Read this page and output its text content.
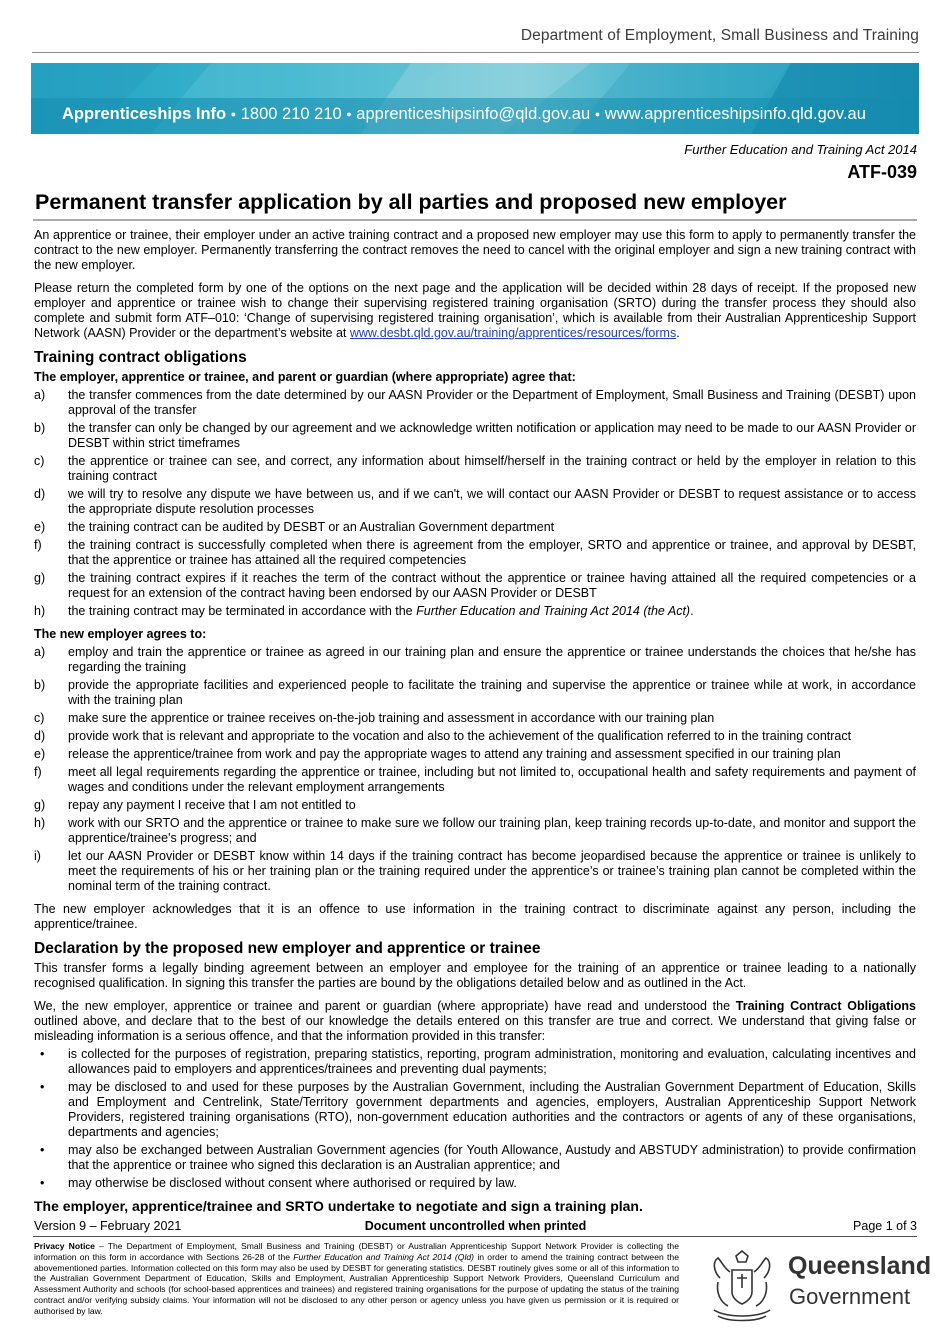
Department of Employment, Small Business and Training
Apprenticeships Info ● 1800 210 210 ● apprenticeshipsinfo@qld.gov.au ● www.apprenticeshipsinfo.qld.gov.au
Further Education and Training Act 2014
ATF-039
Permanent transfer application by all parties and proposed new employer

An apprentice or trainee, their employer under an active training contract and a proposed new employer may use this form to apply to permanently transfer the contract to the new employer. Permanently transferring the contract removes the need to cancel with the original employer and sign a new training contract with the new employer.

Please return the completed form by one of the options on the next page and the application will be decided within 28 days of receipt. If the proposed new employer and apprentice or trainee wish to change their supervising registered training organisation (SRTO) during the transfer process they should also complete and submit form ATF–010: ‘Change of supervising registered training organisation’, which is available from their Australian Apprenticeship Support Network (AASN) Provider or the department’s website at www.desbt.qld.gov.au/training/apprentices/resources/forms.

Training contract obligations
The employer, apprentice or trainee, and parent or guardian (where appropriate) agree that:
a) the transfer commences from the date determined by our AASN Provider or the Department of Employment, Small Business and Training (DESBT) upon approval of the transfer
b) the transfer can only be changed by our agreement and we acknowledge written notification or application may need to be made to our AASN Provider or DESBT within strict timeframes
c) the apprentice or trainee can see, and correct, any information about himself/herself in the training contract or held by the employer in relation to this training contract
d) we will try to resolve any dispute we have between us, and if we can't, we will contact our AASN Provider or DESBT to request assistance or to access the appropriate dispute resolution processes
e) the training contract can be audited by DESBT or an Australian Government department
f) the training contract is successfully completed when there is agreement from the employer, SRTO and apprentice or trainee, and approval by DESBT, that the apprentice or trainee has attained all the required competencies
g) the training contract expires if it reaches the term of the contract without the apprentice or trainee having attained all the required competencies or a request for an extension of the contract having been endorsed by our AASN Provider or DESBT
h) the training contract may be terminated in accordance with the Further Education and Training Act 2014 (the Act).
The new employer agrees to:
a) employ and train the apprentice or trainee as agreed in our training plan and ensure the apprentice or trainee understands the choices that he/she has regarding the training
b) provide the appropriate facilities and experienced people to facilitate the training and supervise the apprentice or trainee while at work, in accordance with the training plan
c) make sure the apprentice or trainee receives on-the-job training and assessment in accordance with our training plan
d) provide work that is relevant and appropriate to the vocation and also to the achievement of the qualification referred to in the training contract
e) release the apprentice/trainee from work and pay the appropriate wages to attend any training and assessment specified in our training plan
f) meet all legal requirements regarding the apprentice or trainee, including but not limited to, occupational health and safety requirements and payment of wages and conditions under the relevant employment arrangements
g) repay any payment I receive that I am not entitled to
h) work with our SRTO and the apprentice or trainee to make sure we follow our training plan, keep training records up-to-date, and monitor and support the apprentice/trainee's progress; and
i) let our AASN Provider or DESBT know within 14 days if the training contract has become jeopardised because the apprentice or trainee is unlikely to meet the requirements of his or her training plan or the training required under the apprentice’s or trainee’s training plan cannot be completed within the nominal term of the training contract.

The new employer acknowledges that it is an offence to use information in the training contract to discriminate against any person, including the apprentice/trainee.

Declaration by the proposed new employer and apprentice or trainee

This transfer forms a legally binding agreement between an employer and employee for the training of an apprentice or trainee leading to a nationally recognised qualification. In signing this transfer the parties are bound by the obligations detailed below and as outlined in the Act.

We, the new employer, apprentice or trainee and parent or guardian (where appropriate) have read and understood the Training Contract Obligations outlined above, and declare that to the best of our knowledge the details entered on this transfer are true and correct. We understand that giving false or misleading information is a serious offence, and that the information provided in this transfer:

• is collected for the purposes of registration, preparing statistics, reporting, program administration, monitoring and evaluation, calculating incentives and allowances paid to employers and apprentices/trainees and preventing dual payments;
• may be disclosed to and used for these purposes by the Australian Government, including the Australian Government Department of Education, Skills and Employment and Centrelink, State/Territory government departments and agencies, employers, Australian Apprenticeship Support Network Providers, registered training organisations (RTO), non-government education authorities and the contractors or agents of any of these organisations, departments and agencies;
• may also be exchanged between Australian Government agencies (for Youth Allowance, Austudy and ABSTUDY administration) to provide confirmation that the apprentice or trainee who signed this declaration is an Australian apprentice; and
• may otherwise be disclosed without consent where authorised or required by law.
The employer, apprentice/trainee and SRTO undertake to negotiate and sign a training plan.
Version 9 – February 2021	Document uncontrolled when printed	Page 1 of 3
Privacy Notice – The Department of Employment, Small Business and Training (DESBT) or Australian Apprenticeship Support Network Provider is collecting the information on this form in accordance with Sections 26-28 of the Further Education and Training Act 2014 (Qld) in order to amend the training contract between the abovementioned parties. Information collected on this form may also be used by DESBT for generating statistics. DESBT routinely gives some or all of this information to the Australian Government Department of Education, Skills and Employment, Australian Apprenticeship Support Network Providers, Queensland Curriculum and Assessment Authority and schools (for school-based apprentices and trainees) and registered training organisations for the purpose of updating the status of the training contract and/or verifying subsidy claims. Your information will not be disclosed to any other person or agency unless you have given us permission or it is required or authorised by law.
Queensland
Government
